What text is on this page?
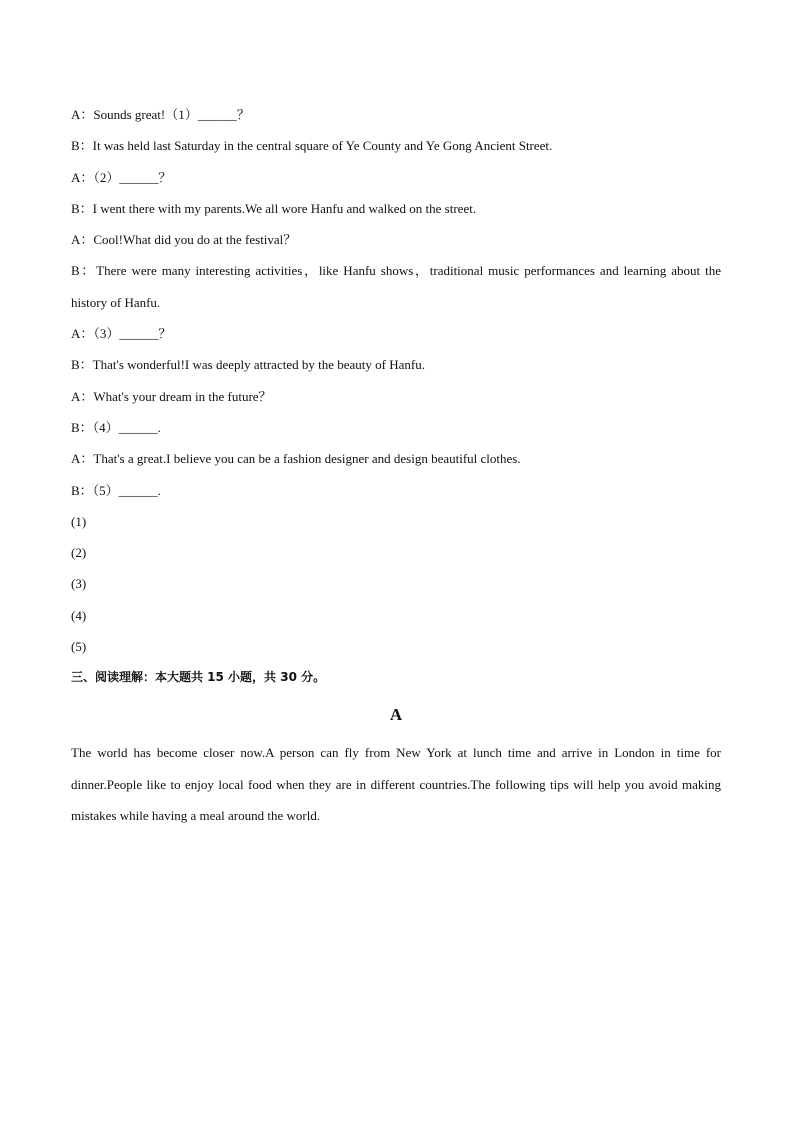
A：Sounds great!（1）______？
B：It was held last Saturday in the central square of Ye County and Ye Gong Ancient Street.
A：（2）______？
B：I went there with my parents.We all wore Hanfu and walked on the street.
A：Cool!What did you do at the festival？
B：There were many interesting activities，like Hanfu shows，traditional music performances and learning about the history of Hanfu.
A：（3）______？
B：That's wonderful!I was deeply attracted by the beauty of Hanfu.
A：What's your dream in the future？
B：（4）______.
A：That's a great.I believe you can be a fashion designer and design beautiful clothes.
B：（5）______.
(1)
(2)
(3)
(4)
(5)
三、阅读理解：本大题共 15 小题，共 30 分。
A
The world has become closer now.A person can fly from New York at lunch time and arrive in London in time for dinner.People like to enjoy local food when they are in different countries.The following tips will help you avoid making mistakes while having a meal around the world.
